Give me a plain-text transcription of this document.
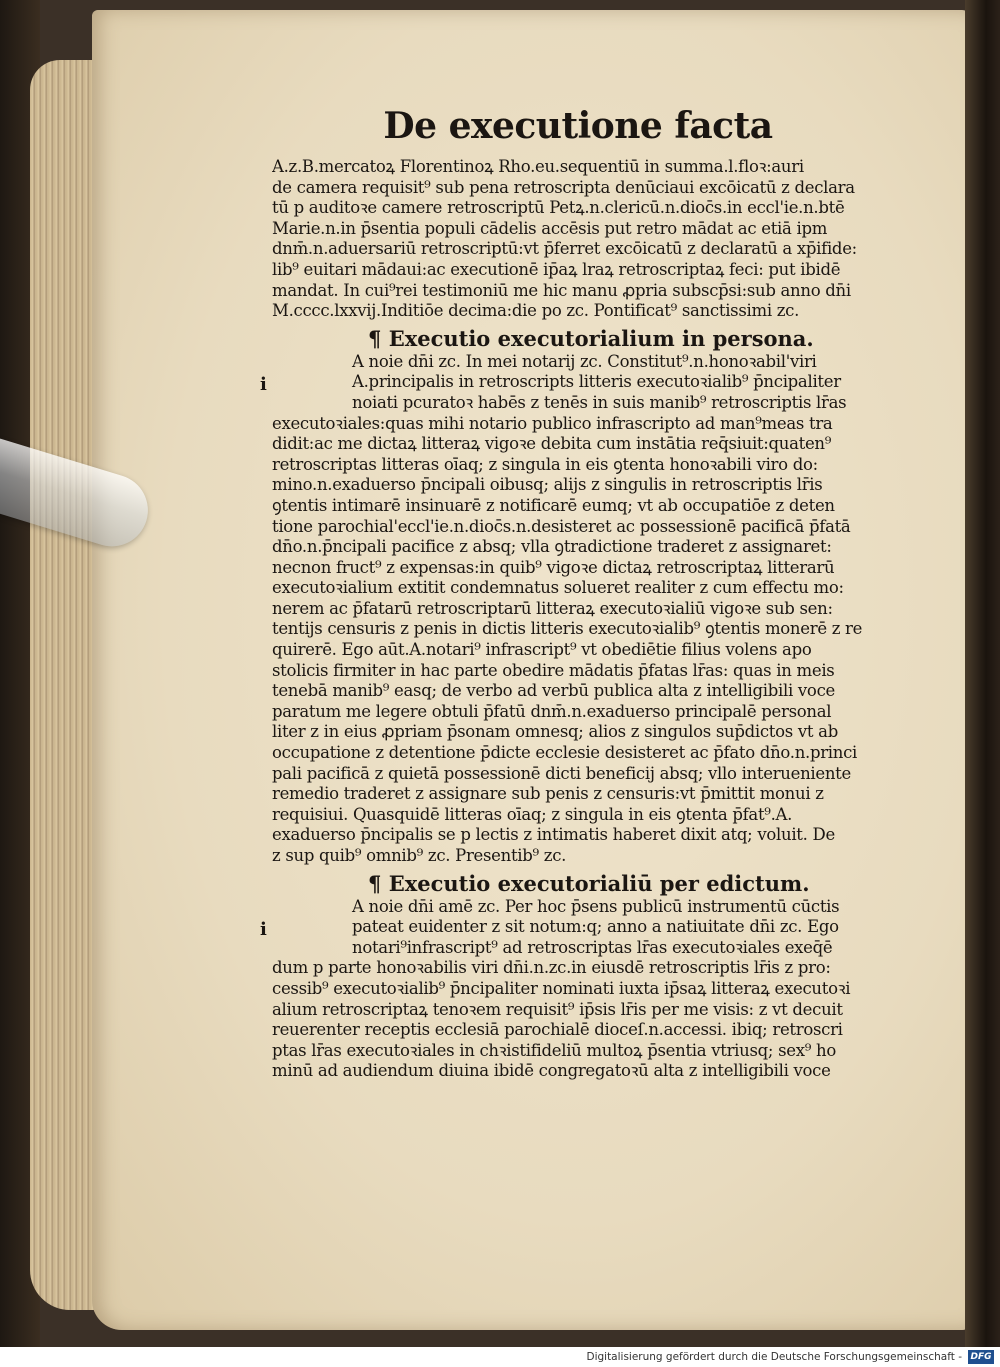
De executione facta
A.z.B.mercatoꝝ Florentinoꝝ Rho.eu.sequentiū in summa.l.floꝛ:auri
de camera requisit⁹ sub pena retroscripta denūciaui excōicatū z declara
tū p auditoꝛe camere retroscriptū Petꝝ.n.clericū.n.dioc̄s.in eccl'ie.n.btē
Marie.n.in p̄sentia populi cādelis accēsis put retro mādat ac etiā ipm
dnm̄.n.aduersariū retroscriptū:vt p̄ferret excōicatū z declaratū a xp̄ifide:
lib⁹ euitari mādaui:ac executionē ip̄aꝝ lraꝝ retroscriptaꝝ feci: put ibidē
mandat. In cui⁹rei testimoniū me hic manu ꝓpria subscp̄si:sub anno dn̄i
M.cccc.lxxvij.Inditiōe decima:die po zc. Pontificat⁹ sanctissimi zc.
¶ Executio executorialium in persona.
A noie dn̄i zc. In mei notarij zc. Constitut⁹.n.honoꝛabil'viri
A.principalis in retroscript̄s litteris executoꝛialib⁹ p̄ncipaliter
noiati pcuratoꝛ habēs z tenēs in suis manib⁹ retroscriptis lr̄as
executoꝛiales:quas mihi notario publico infrascripto ad man⁹meas tra
didit:ac me dictaꝝ litteraꝝ vigoꝛe debita cum instātia req̄siuit:quaten⁹
retroscriptas litteras oīaq; z singula in eis ꝯtenta honoꝛabili viro do:
mino.n.exaduerso p̄ncipali oibusq; alijs z singulis in retroscriptis lr̄is
ꝯtentis intimarē insinuarē z notificarē eumq; vt ab occupatiōe z deten
tione parochial'eccl'ie.n.dioc̄s.n.desisteret ac possessionē pacificā p̄fatā
dn̄o.n.p̄ncipali pacifice z absq; vlla ꝯtradictione traderet z assignaret:
necnon fruct⁹ z expensas:in quib⁹ vigoꝛe dictaꝝ retroscriptaꝝ litterarū
executoꝛialium extitit condemnatus solueret realiter z cum effectu mo:
nerem ac p̄fatarū retroscriptarū litteraꝝ executoꝛialiū vigoꝛe sub sen:
tentijs censuris z penis in dictis litteris executoꝛialib⁹ ꝯtentis monerē z re
quirerē. Ego aūt.A.notari⁹ infrascript⁹ vt obediētie filius volens apo
stolicis firmiter in hac parte obedire mādatis p̄fatas lr̄as: quas in meis
tenebā manib⁹ easq; de verbo ad verbū publica alta z intelligibili voce
paratum me legere obtuli p̄fatū dnm̄.n.exaduerso principalē personal
liter z in eius ꝓpriam p̄sonam omnesq; alios z singulos sup̄dictos vt ab
occupatione z detentione p̄dicte ecclesie desisteret ac p̄fato dn̄o.n.princi
pali pacificā z quietā possessionē dicti beneficij absq; vllo interueniente
remedio traderet z assignare sub penis z censuris:vt p̄mittit monui z
requisiui. Quasquidē litteras oīaq; z singula in eis ꝯtenta p̄fat⁹.A.
exaduerso p̄ncipalis se p lectis z intimatis haberet dixit atq; voluit. De
z sup quib⁹ omnib⁹ zc. Presentib⁹ zc.
i
¶ Executio executorialiū per edictum.
A noie dn̄i amē zc. Per hoc p̄sens publicū instrumentū cūctis
pateat euidenter z sit notum:q; anno a natiuitate dn̄i zc. Ego
notari⁹infrascript⁹ ad retroscriptas lr̄as executoꝛiales exeq̄ē
dum p parte honoꝛabilis viri dn̄i.n.zc.in eiusdē retroscriptis lr̄is z pro:
cessib⁹ executoꝛialib⁹ p̄ncipaliter nominati iuxta ip̄saꝝ litteraꝝ executoꝛi
alium retroscriptaꝝ tenoꝛem requisit⁹ ip̄sis lr̄is per me visis: z vt decuit
reuerenter receptis ecclesiā parochialē dioceſ.n.accessi. ibiq; retroscri
ptas lr̄as executoꝛiales in chꝛistifideliū multoꝝ p̄sentia vtriusq; sex⁹ ho
minū ad audiendum diuina ibidē congregatoꝛū alta z intelligibili voce
i
Digitalisierung gefördert durch die Deutsche Forschungsgemeinschaft - DFG
